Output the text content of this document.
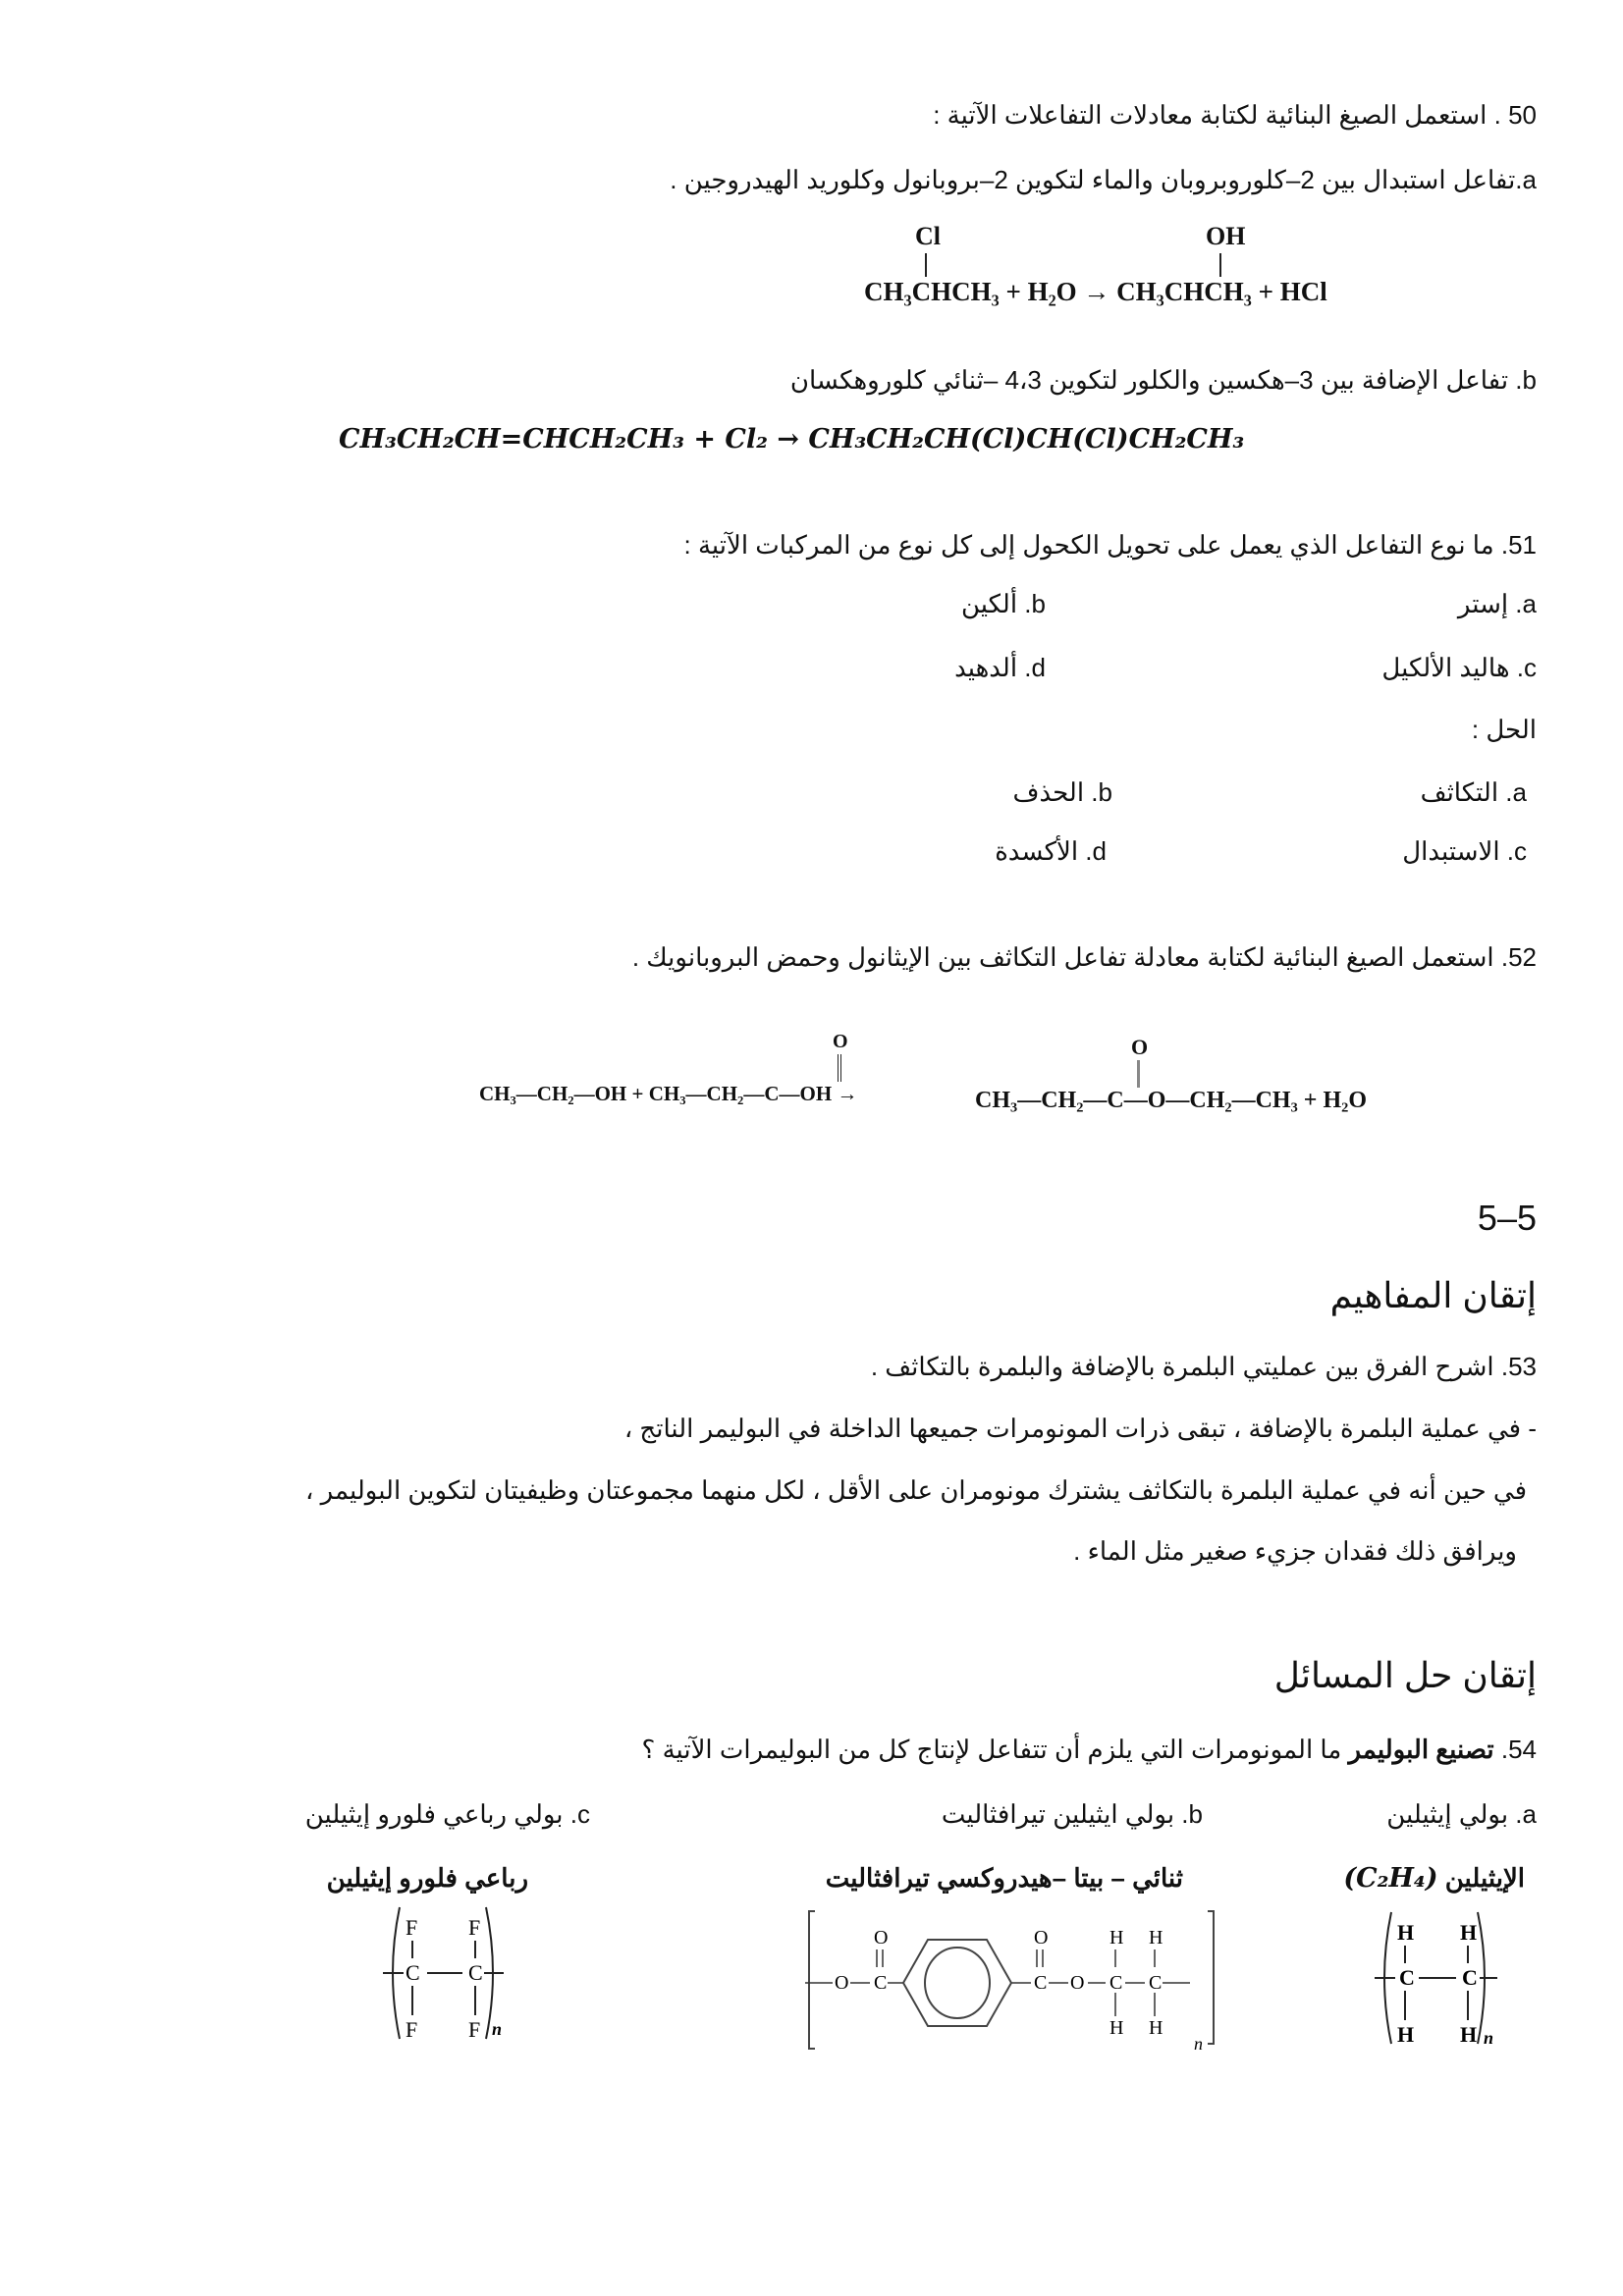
50 . استعمل الصيغ البنائية لكتابة معادلات التفاعلات الآتية :
a.تفاعل استبدال بين 2–كلوروبروبان والماء لتكوين 2–بروبانول وكلوريد الهيدروجين .
Cl	OH
CH₃CHCH₃ + H₂O → CH₃CHCH₃ + HCl
b. تفاعل الإضافة بين 3–هكسين والكلور لتكوين 4،3 –ثنائي كلوروهكسان
CH₃CH₂CH=CHCH₂CH₃ + Cl₂ → CH₃CH₂CH(Cl)CH(Cl)CH₂CH₃
51. ما نوع التفاعل الذي يعمل على تحويل الكحول إلى كل نوع من المركبات الآتية :
a. إستر
b. ألكين
c. هاليد الألكيل
d. ألدهيد
الحل :
a. التكاثف
b. الحذف
c. الاستبدال
d. الأكسدة
52. استعمل الصيغ البنائية لكتابة معادلة تفاعل التكاثف بين الإيثانول وحمض البروبانويك .
O
CH₃—CH₂—OH + CH₃—CH₂—C—OH →
O
CH₃—CH₂—C—O—CH₂—CH₃ + H₂O
5–5
إتقان المفاهيم
53. اشرح الفرق بين عمليتي البلمرة بالإضافة والبلمرة بالتكاثف .
- في عملية البلمرة بالإضافة ، تبقى ذرات المونومرات جميعها الداخلة في البوليمر الناتج ،
في حين أنه في عملية البلمرة بالتكاثف يشترك مونومران على الأقل ، لكل منهما مجموعتان وظيفيتان لتكوين البوليمر ،
ويرافق ذلك فقدان جزيء صغير مثل الماء .
إتقان حل المسائل
54. تصنيع البوليمر ما المونومرات التي يلزم أن تتفاعل لإنتاج كل من البوليمرات الآتية ؟
a. بولي إيثيلين
b. بولي ايثيلين تيرافثاليت
c. بولي رباعي فلورو إيثيلين
الإيثيلين (C₂H₄)
ثنائي – بيتا –هيدروكسي تيرافثاليت
رباعي فلورو إيثيلين
H H
C C
H H n
O C
O
C
O
O C C
H H
H H
n
F F
C C
F F n
